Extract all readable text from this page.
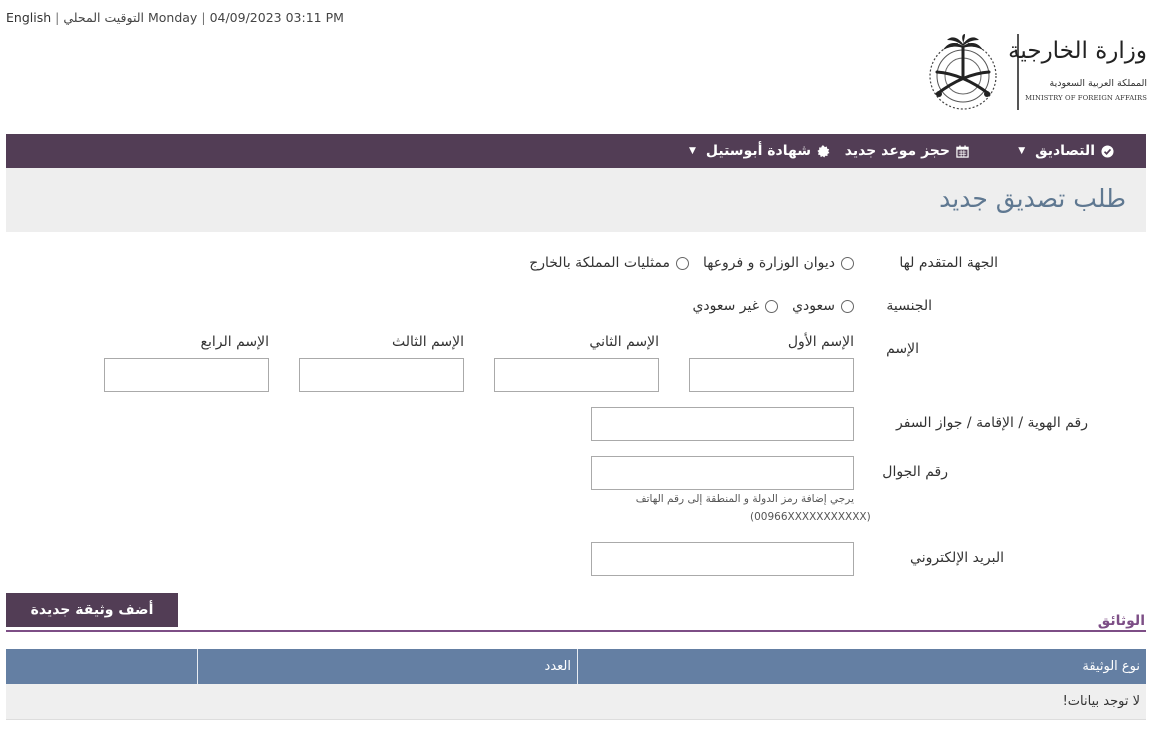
English | التوقيت المحلي Monday | 04/09/2023 03:11 PM
وزارة الخارجية
المملكة العربية السعودية
MINISTRY OF FOREIGN AFFAIRS
التصاديق
▼
حجز موعد جديد
شهادة أبوستيل
▼
طلب تصديق جديد
الجهة المتقدم لها
ديوان الوزارة و فروعها
ممثليات المملكة بالخارج
الجنسية
سعودي
غير سعودي
الإسم
الإسم الأول
الإسم الثاني
الإسم الثالث
الإسم الرابع
رقم الهوية / الإقامة / جواز السفر
رقم الجوال
يرجي إضافة رمز الدولة و المنطقة إلى رقم الهاتف
(00966XXXXXXXXXXX)
البريد الإلكتروني
أضف وثيقة جديدة
الوثائق
نوع الوثيقة
العدد
لا توجد بيانات!
